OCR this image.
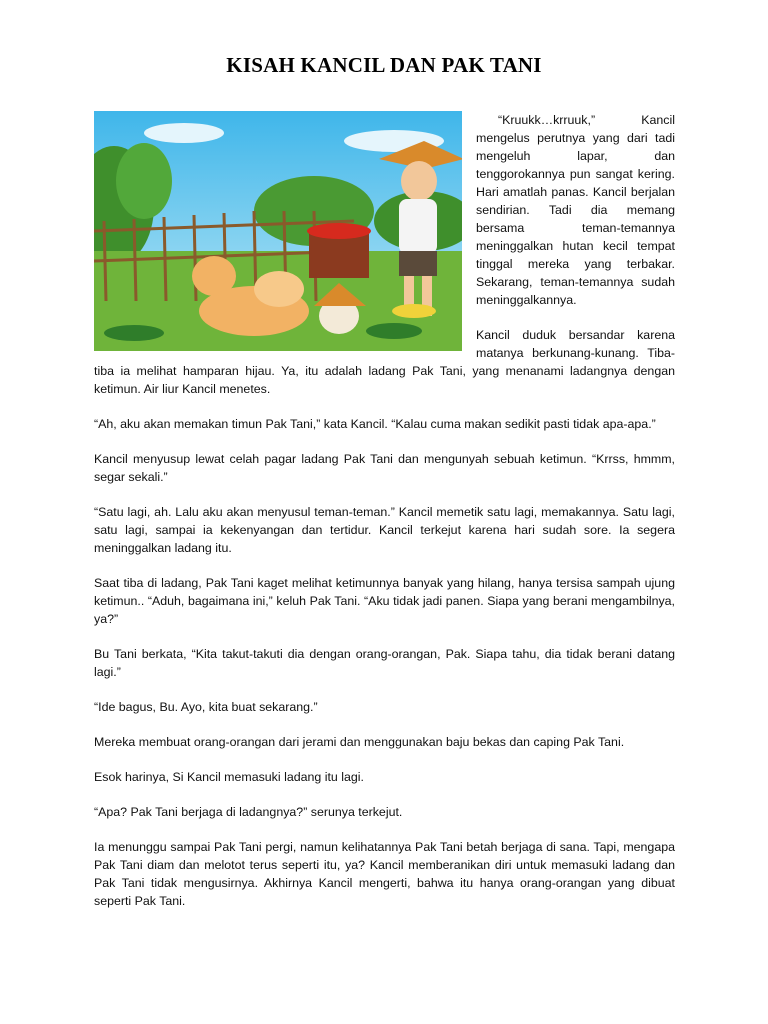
KISAH KANCIL DAN PAK TANI

“Kruukk…krruuk,” Kancil mengelus perutnya yang dari tadi mengeluh lapar, dan tenggorokannya pun sangat kering. Hari amatlah panas. Kancil berjalan sendirian. Tadi dia memang bersama teman-temannya meninggalkan hutan kecil tempat tinggal mereka yang terbakar. Sekarang, teman-temannya sudah meninggalkannya.

Kancil duduk bersandar karena matanya berkunang-kunang. Tiba-tiba ia melihat hamparan hijau. Ya, itu adalah ladang Pak Tani, yang menanami ladangnya dengan ketimun. Air liur Kancil menetes.

“Ah, aku akan memakan timun Pak Tani,” kata Kancil. “Kalau cuma makan sedikit pasti tidak apa-apa.”

Kancil menyusup lewat celah pagar ladang Pak Tani dan mengunyah sebuah ketimun. “Krrss, hmmm, segar sekali.”

“Satu lagi, ah. Lalu aku akan menyusul teman-teman.” Kancil memetik satu lagi, memakannya. Satu lagi, satu lagi, sampai ia kekenyangan dan tertidur. Kancil terkejut karena hari sudah sore. Ia segera meninggalkan ladang itu.

Saat tiba di ladang, Pak Tani kaget melihat ketimunnya banyak yang hilang, hanya tersisa sampah ujung ketimun.. “Aduh, bagaimana ini,” keluh Pak Tani. “Aku tidak jadi panen. Siapa yang berani mengambilnya, ya?”

Bu Tani berkata, “Kita takut-takuti dia dengan orang-orangan, Pak. Siapa tahu, dia tidak berani datang lagi.”

“Ide bagus, Bu. Ayo, kita buat sekarang.”

Mereka membuat orang-orangan dari jerami dan menggunakan baju bekas dan caping Pak Tani.

Esok harinya, Si Kancil memasuki ladang itu lagi.

“Apa? Pak Tani berjaga di ladangnya?” serunya terkejut.

Ia menunggu sampai Pak Tani pergi, namun kelihatannya Pak Tani betah berjaga di sana. Tapi, mengapa Pak Tani diam dan melotot terus seperti itu, ya? Kancil memberanikan diri untuk memasuki ladang dan Pak Tani tidak mengusirnya. Akhirnya Kancil mengerti, bahwa itu hanya orang-orangan yang dibuat seperti Pak Tani.
